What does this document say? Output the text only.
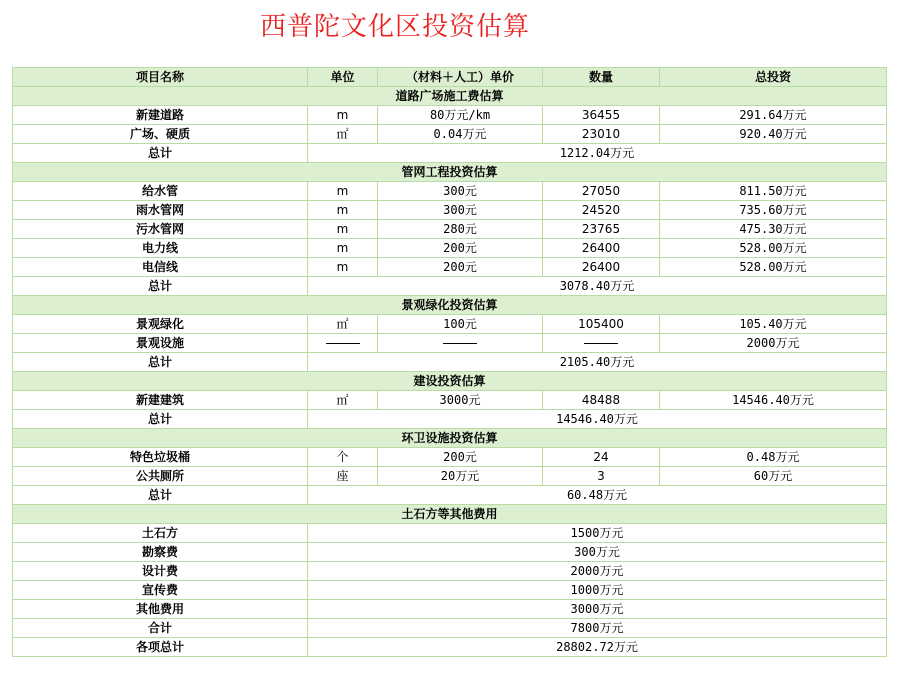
西普陀文化区投资估算
项目名称	单位	（材料＋人工）单价	数量	总投资
道路广场施工费估算				
新建道路	m	80万元/km	36455	291.64万元
广场、硬质	㎡	0.04万元	23010	920.40万元
总计	1212.04万元			
管网工程投资估算				
给水管	m	300元	27050	811.50万元
雨水管网	m	300元	24520	735.60万元
污水管网	m	280元	23765	475.30万元
电力线	m	200元	26400	528.00万元
电信线	m	200元	26400	528.00万元
总计	3078.40万元			
景观绿化投资估算				
景观绿化	㎡	100元	105400	105.40万元
景观设施				2000万元
总计	2105.40万元			
建设投资估算				
新建建筑	㎡	3000元	48488	14546.40万元
总计	14546.40万元			
环卫设施投资估算				
特色垃圾桶	个	200元	24	0.48万元
公共厕所	座	20万元	3	60万元
总计	60.48万元			
土石方等其他费用				
土石方	1500万元			
勘察费	300万元			
设计费	2000万元			
宣传费	1000万元			
其他费用	3000万元			
合计	7800万元			
各项总计	28802.72万元			
